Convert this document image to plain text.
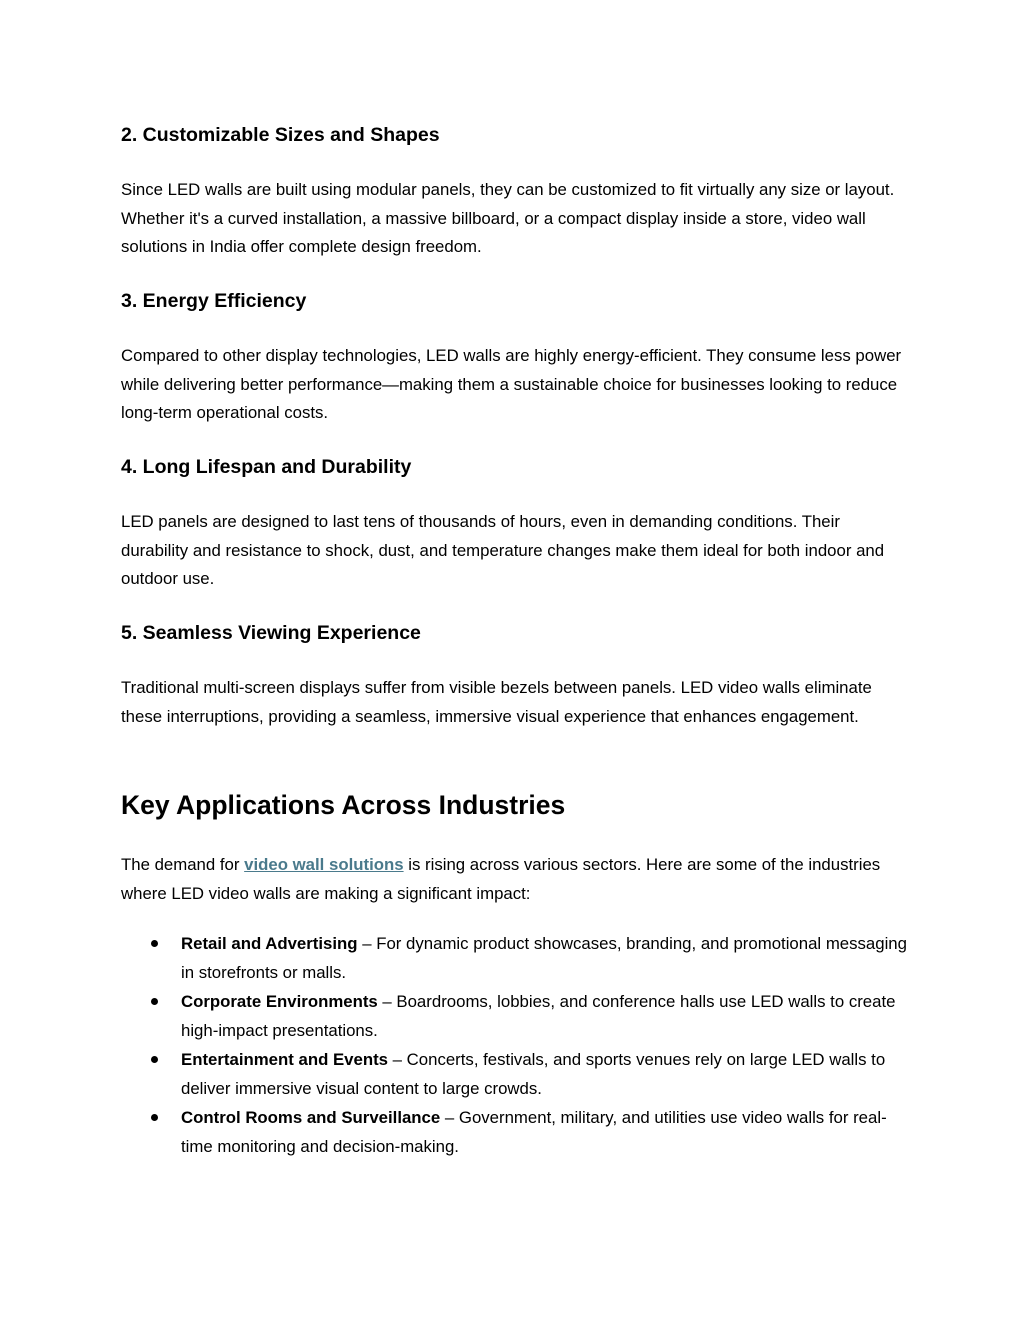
2. Customizable Sizes and Shapes

Since LED walls are built using modular panels, they can be customized to fit virtually any size or layout. Whether it's a curved installation, a massive billboard, or a compact display inside a store, video wall solutions in India offer complete design freedom.

3. Energy Efficiency

Compared to other display technologies, LED walls are highly energy-efficient. They consume less power while delivering better performance—making them a sustainable choice for businesses looking to reduce long-term operational costs.

4. Long Lifespan and Durability

LED panels are designed to last tens of thousands of hours, even in demanding conditions. Their durability and resistance to shock, dust, and temperature changes make them ideal for both indoor and outdoor use.

5. Seamless Viewing Experience

Traditional multi-screen displays suffer from visible bezels between panels. LED video walls eliminate these interruptions, providing a seamless, immersive visual experience that enhances engagement.

Key Applications Across Industries

The demand for video wall solutions is rising across various sectors. Here are some of the industries where LED video walls are making a significant impact:

Retail and Advertising – For dynamic product showcases, branding, and promotional messaging in storefronts or malls.
Corporate Environments – Boardrooms, lobbies, and conference halls use LED walls to create high-impact presentations.
Entertainment and Events – Concerts, festivals, and sports venues rely on large LED walls to deliver immersive visual content to large crowds.
Control Rooms and Surveillance – Government, military, and utilities use video walls for real-time monitoring and decision-making.
